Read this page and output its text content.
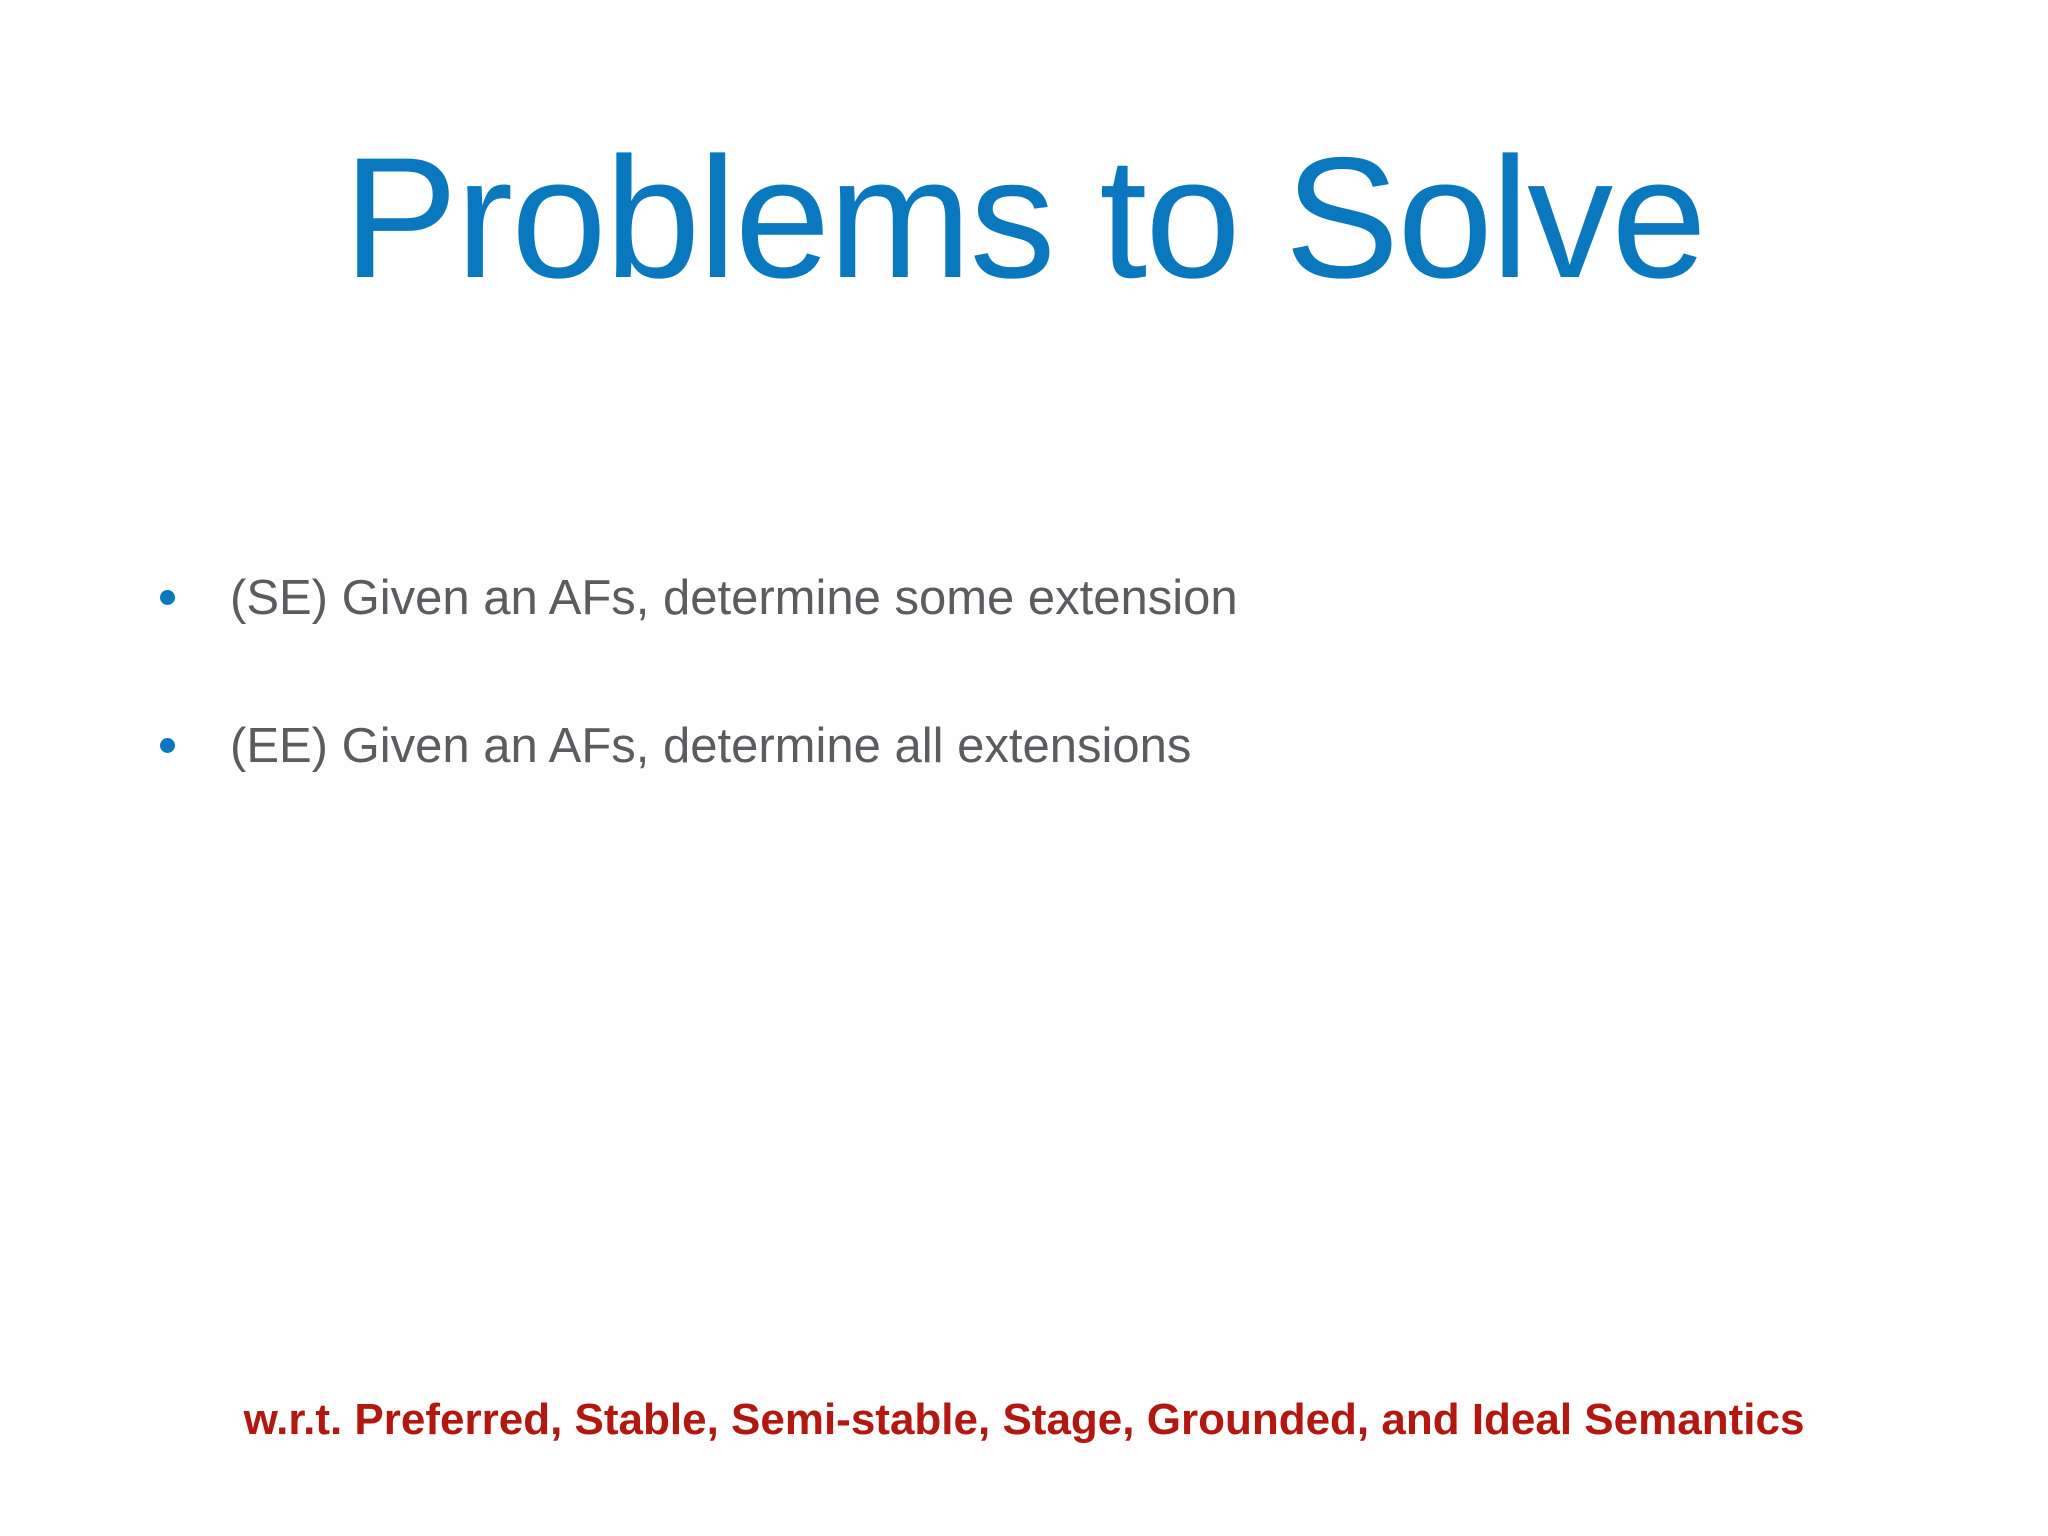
Problems to Solve
(SE) Given an AFs, determine some extension
(EE) Given an AFs, determine all extensions
w.r.t. Preferred, Stable, Semi-stable, Stage, Grounded, and Ideal Semantics
